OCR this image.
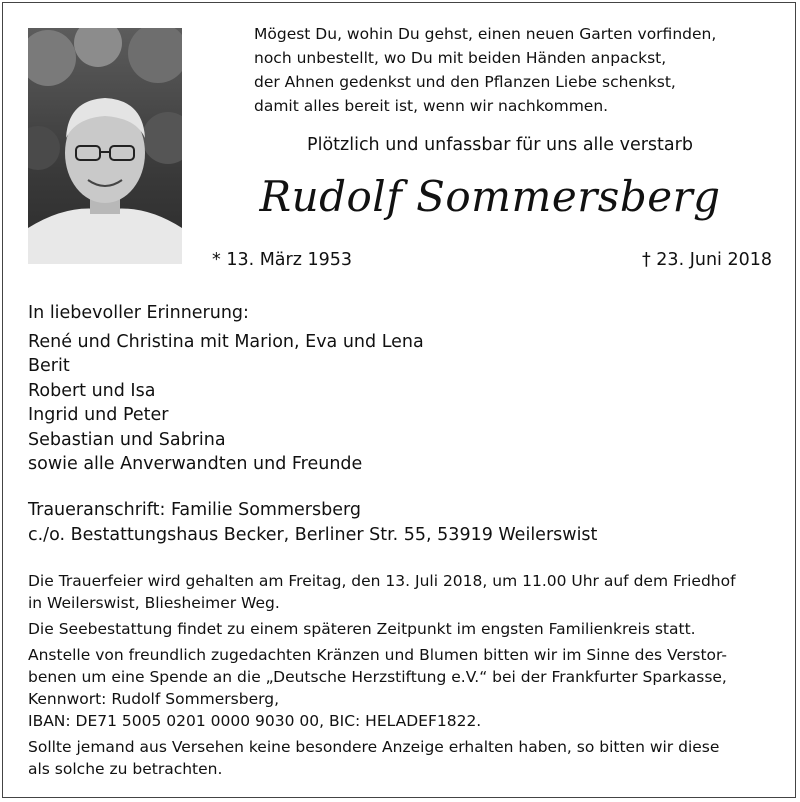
Mögest Du, wohin Du gehst, einen neuen Garten vorfinden,
noch unbestellt, wo Du mit beiden Händen anpackst,
der Ahnen gedenkst und den Pflanzen Liebe schenkst,
damit alles bereit ist, wenn wir nachkommen.
Plötzlich und unfassbar für uns alle verstarb
Rudolf Sommersberg
* 13. März 1953	† 23. Juni 2018
In liebevoller Erinnerung:
René und Christina mit Marion, Eva und Lena
Berit
Robert und Isa
Ingrid und Peter
Sebastian und Sabrina
sowie alle Anverwandten und Freunde
Traueranschrift: Familie Sommersberg
c./o. Bestattungshaus Becker, Berliner Str. 55, 53919 Weilerswist
Die Trauerfeier wird gehalten am Freitag, den 13. Juli 2018, um 11.00 Uhr auf dem Friedhof
in Weilerswist, Bliesheimer Weg.
Die Seebestattung findet zu einem späteren Zeitpunkt im engsten Familienkreis statt.
Anstelle von freundlich zugedachten Kränzen und Blumen bitten wir im Sinne des Verstor-
benen um eine Spende an die „Deutsche Herzstiftung e.V.“ bei der Frankfurter Sparkasse,
Kennwort: Rudolf Sommersberg,
IBAN: DE71 5005 0201 0000 9030 00, BIC: HELADEF1822.
Sollte jemand aus Versehen keine besondere Anzeige erhalten haben, so bitten wir diese
als solche zu betrachten.
